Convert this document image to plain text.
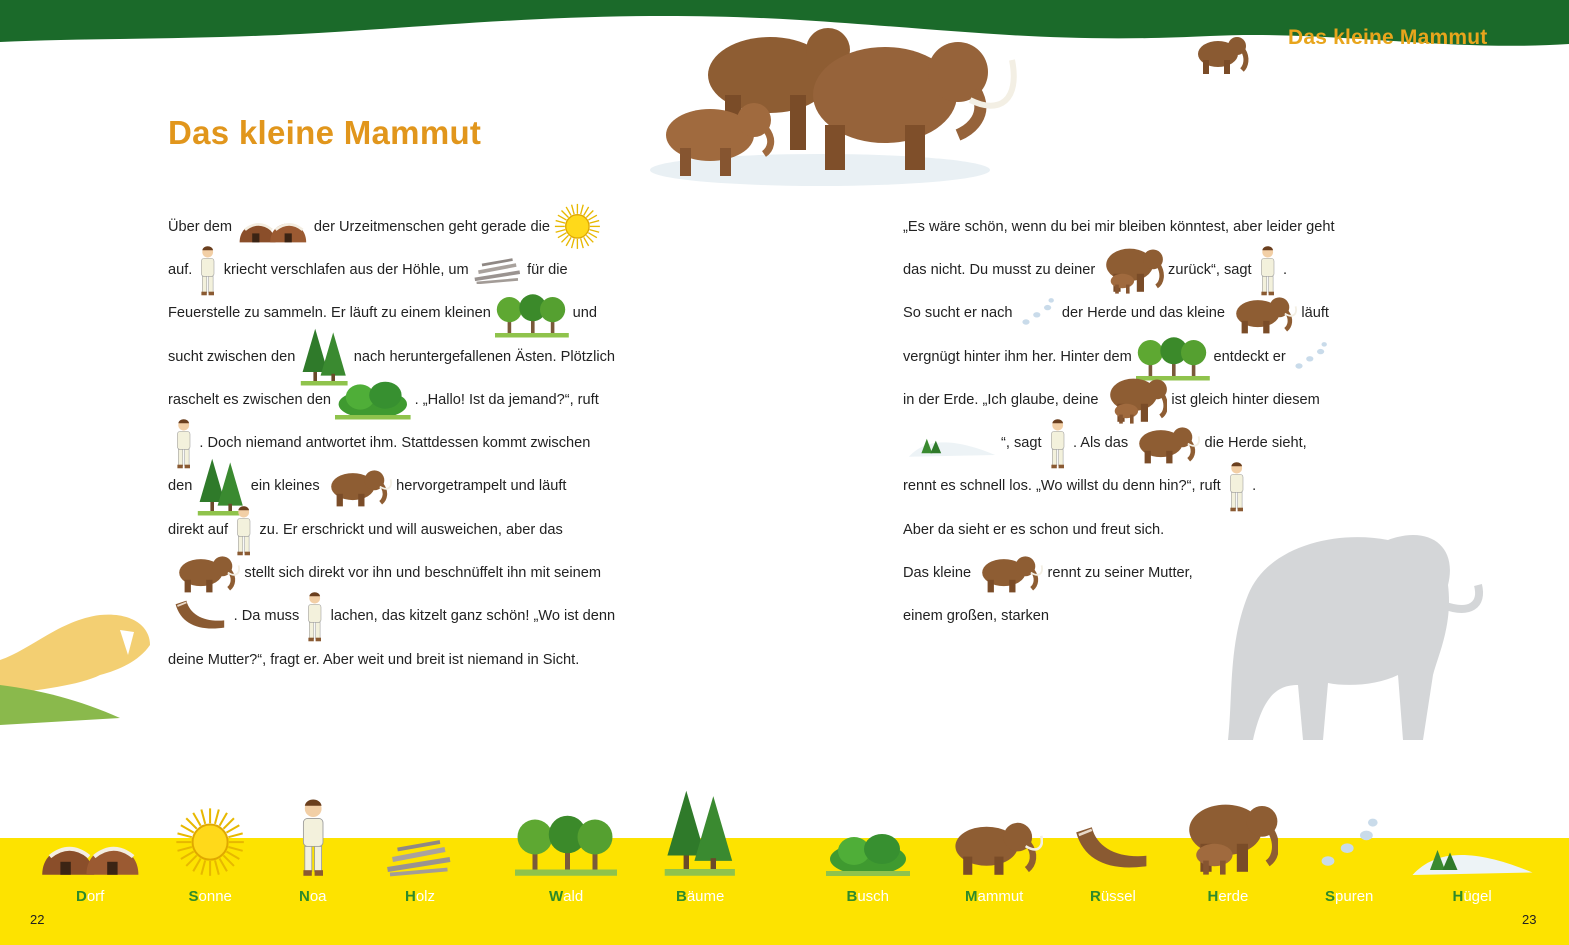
Das kleine Mammut
Das kleine Mammut
Über dem	der Urzeitmenschen geht gerade die
auf. kriecht verschlafen aus der Höhle, um	für die
Feuerstelle zu sammeln. Er läuft zu einem kleinen	und
sucht zwischen den	nach heruntergefallenen Ästen. Plötzlich
raschelt es zwischen den	. „Hallo! Ist da jemand?“, ruft
. Doch niemand antwortet ihm. Stattdessen kommt zwischen
den	ein kleines	hervorgetrampelt und läuft
direkt auf zu. Er erschrickt und will ausweichen, aber das
stellt sich direkt vor ihn und beschnüffelt ihn mit seinem
. Da muss lachen, das kitzelt ganz schön! „Wo ist denn
deine Mutter?“, fragt er. Aber weit und breit ist niemand in Sicht.
„Es wäre schön, wenn du bei mir bleiben könntest, aber leider geht
das nicht. Du musst zu deiner	zurück“, sagt .
So sucht er nach	der Herde und das kleine	läuft
vergnügt hinter ihm her. Hinter dem	entdeckt er
in der Erde. „Ich glaube, deine	ist gleich hinter diesem
“, sagt . Als das	die Herde sieht,
rennt es schnell los. „Wo willst du denn hin?“, ruft .
Aber da sieht er es schon und freut sich.
Das kleine	rennt zu seiner Mutter,
einem großen, starken
Dorf	Sonne	Noa	Holz	Wald	Bäume	Busch	Mammut	Rüssel	Herde	Spuren	Hügel
22	23
